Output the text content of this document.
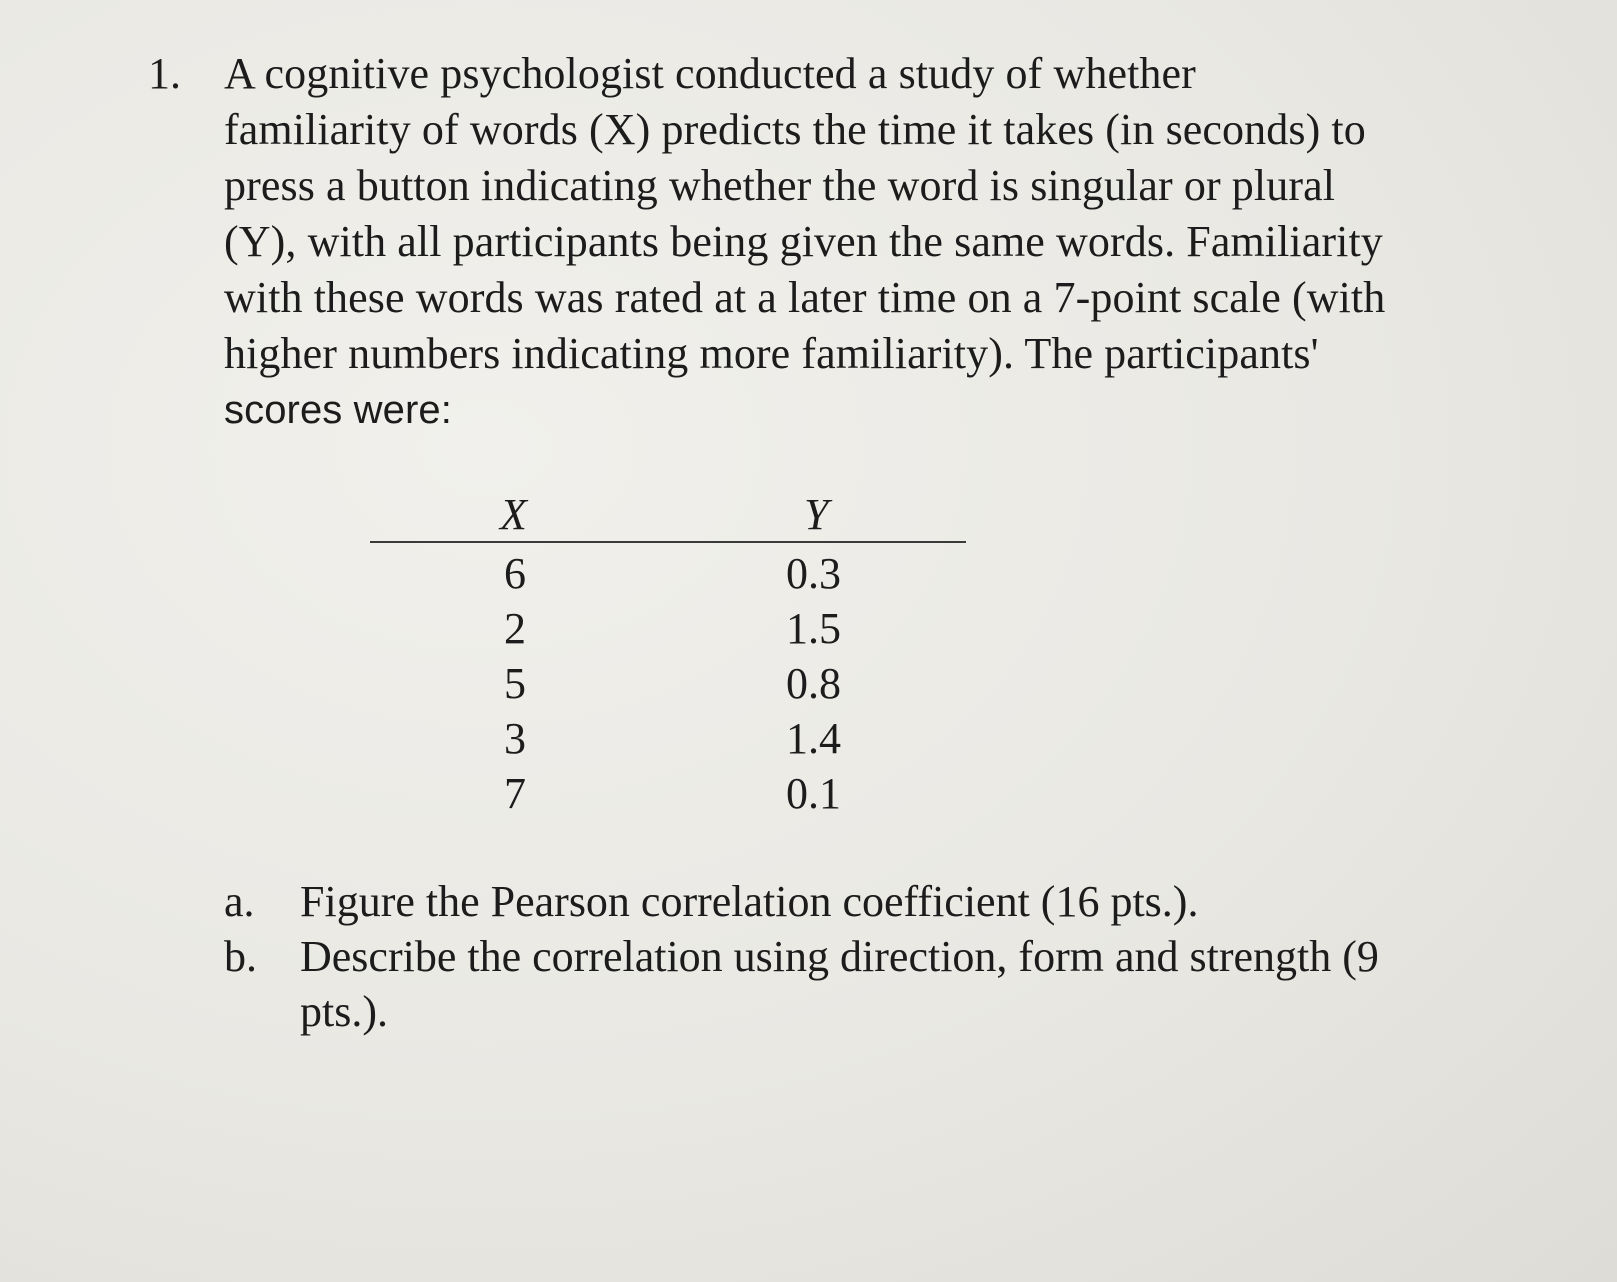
1. A cognitive psychologist conducted a study of whether
familiarity of words (X) predicts the time it takes (in seconds) to
press a button indicating whether the word is singular or plural
(Y), with all participants being given the same words. Familiarity
with these words was rated at a later time on a 7-point scale (with
higher numbers indicating more familiarity). The participants'
scores were:
X	Y
6	0.3
2	1.5
5	0.8
3	1.4
7	0.1
a. Figure the Pearson correlation coefficient (16 pts.).
b. Describe the correlation using direction, form and strength (9
pts.).
